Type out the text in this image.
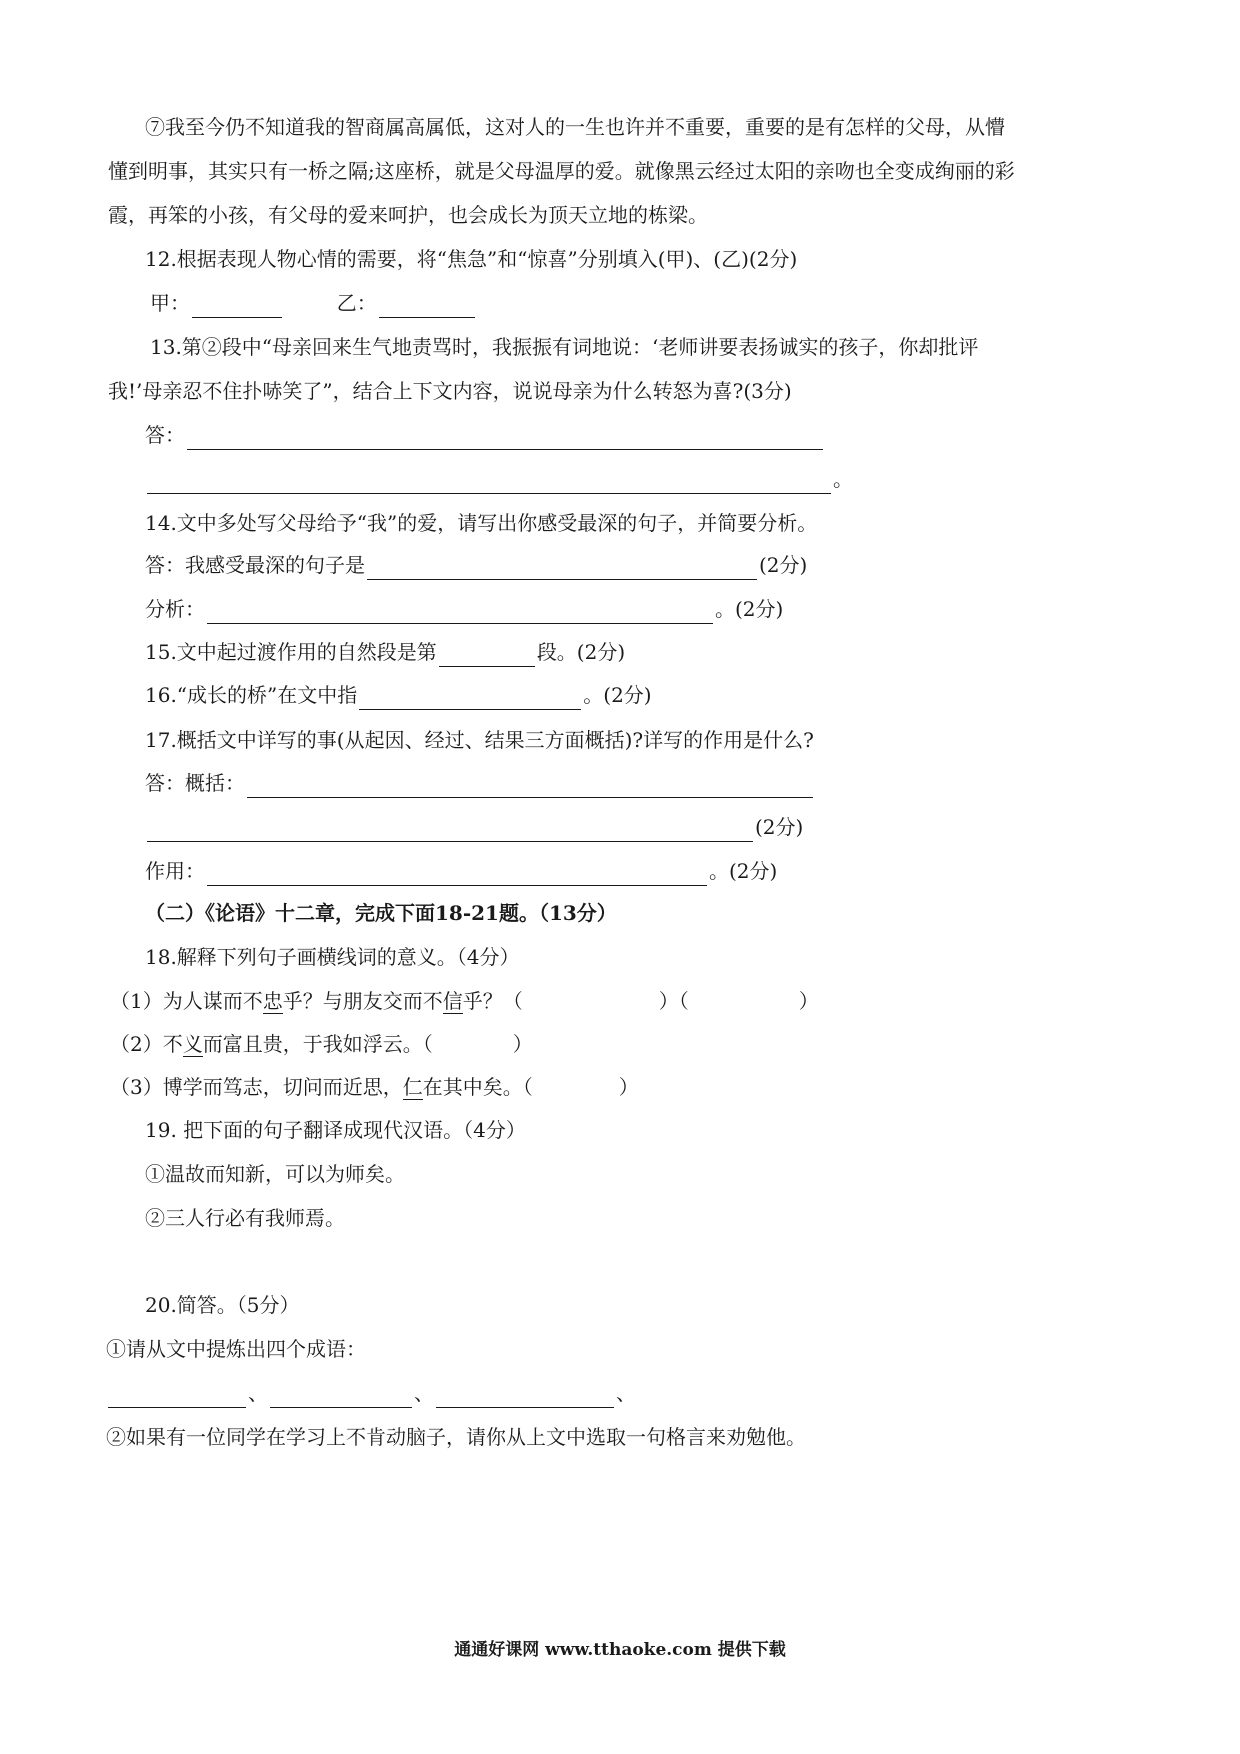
⑦我至今仍不知道我的智商属高属低，这对人的一生也许并不重要，重要的是有怎样的父母，从懵
懂到明事，其实只有一桥之隔;这座桥，就是父母温厚的爱。就像黑云经过太阳的亲吻也全变成绚丽的彩
霞，再笨的小孩，有父母的爱来呵护，也会成长为顶天立地的栋梁。
12.根据表现人物心情的需要，将“焦急”和“惊喜”分别填入(甲)、(乙)(2分)
甲：	乙：
13.第②段中“母亲回来生气地责骂时，我振振有词地说：‘老师讲要表扬诚实的孩子，你却批评
我!’母亲忍不住扑哧笑了”，结合上下文内容，说说母亲为什么转怒为喜?(3分)
答：
。
14.文中多处写父母给予“我”的爱，请写出你感受最深的句子，并简要分析。
答：我感受最深的句子是	(2分)
分析：	。(2分)
15.文中起过渡作用的自然段是第	段。(2分)
16.“成长的桥”在文中指	。(2分)
17.概括文中详写的事(从起因、经过、结果三方面概括)?详写的作用是什么?
答：概括：
(2分)
作用：	。(2分)
（二）《论语》十二章，完成下面18-21题。（13分）
18.解释下列句子画横线词的意义。（4分）
（1）为人谋而不忠乎？与朋友交而不信乎？（	）（	）
（2）不义而富且贵，于我如浮云。（	）
（3）博学而笃志，切问而近思，仁在其中矣。（	）
19. 把下面的句子翻译成现代汉语。（4分）
①温故而知新，可以为师矣。
②三人行必有我师焉。
20.简答。（5分）
①请从文中提炼出四个成语：
、	、	、
②如果有一位同学在学习上不肯动脑子，请你从上文中选取一句格言来劝勉他。
通通好课网 www.tthaoke.com 提供下载
